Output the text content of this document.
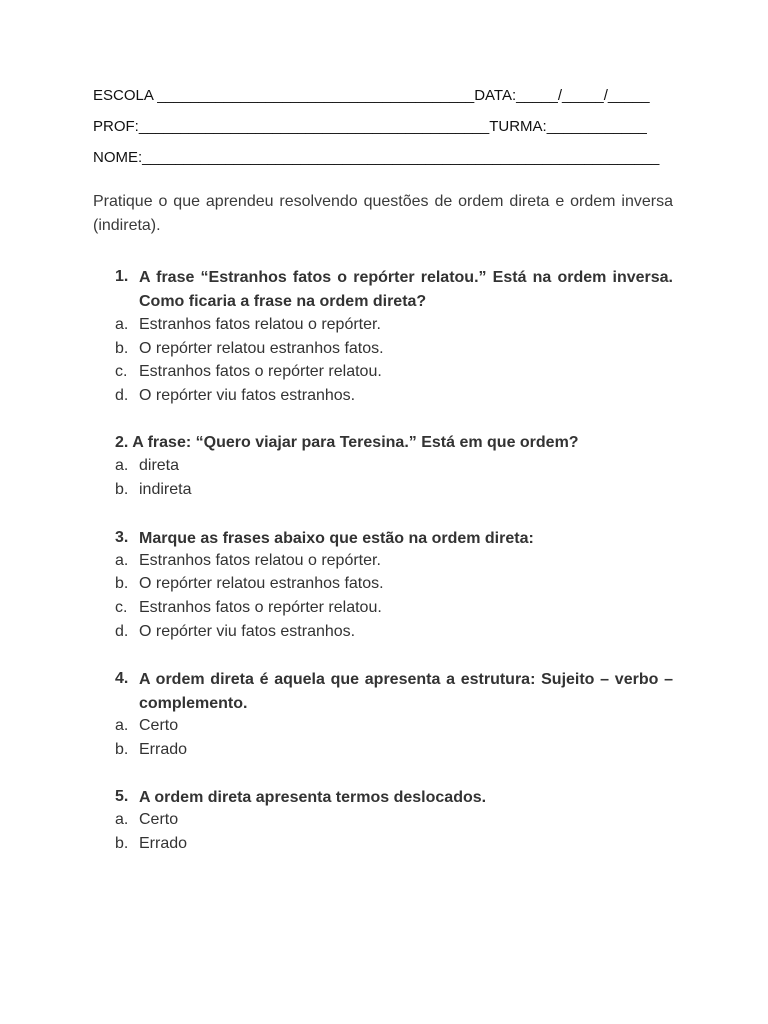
ESCOLA ______________________________________DATA:_____/_____/_____
PROF:__________________________________________TURMA:____________
NOME:______________________________________________________________
Pratique o que aprendeu resolvendo questões de ordem direta e ordem inversa (indireta).
1. A frase “Estranhos fatos o repórter relatou.” Está na ordem inversa. Como ficaria a frase na ordem direta?
a. Estranhos fatos relatou o repórter.
b. O repórter relatou estranhos fatos.
c. Estranhos fatos o repórter relatou.
d. O repórter viu fatos estranhos.
2. A frase: “Quero viajar para Teresina.” Está em que ordem?
a. direta
b. indireta
3. Marque as frases abaixo que estão na ordem direta:
a. Estranhos fatos relatou o repórter.
b. O repórter relatou estranhos fatos.
c. Estranhos fatos o repórter relatou.
d. O repórter viu fatos estranhos.
4. A ordem direta é aquela que apresenta a estrutura: Sujeito – verbo – complemento.
a. Certo
b. Errado
5. A ordem direta apresenta termos deslocados.
a. Certo
b. Errado
